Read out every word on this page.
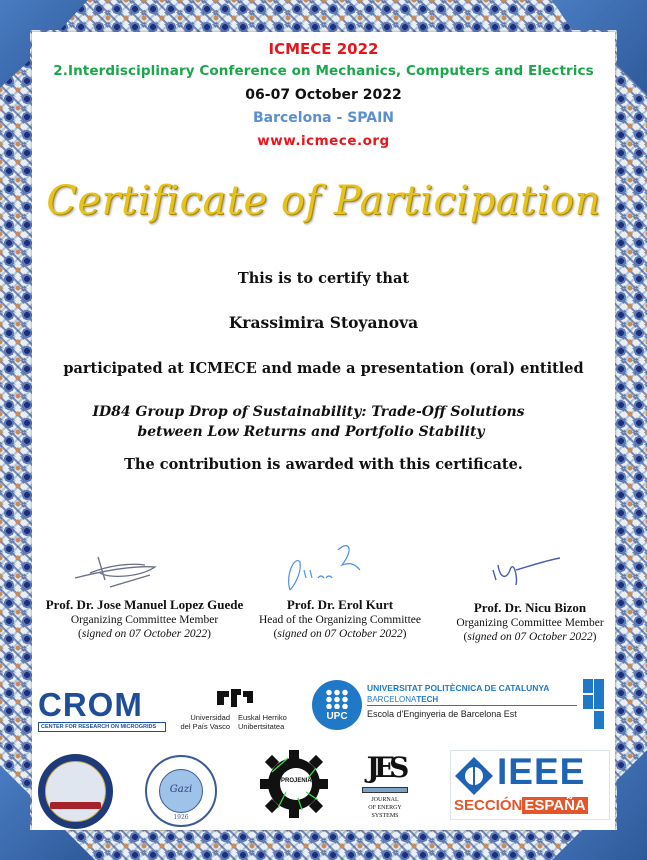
ICMECE 2022
2.Interdisciplinary Conference on Mechanics, Computers and Electrics
06-07 October 2022
Barcelona - SPAIN
www.icmece.org
Certificate of Participation
This is to certify that
Krassimira Stoyanova
participated at ICMECE and made a presentation (oral) entitled
ID84 Group Drop of Sustainability: Trade-Off Solutions
between Low Returns and Portfolio Stability
The contribution is awarded with this certificate.
Prof. Dr. Jose Manuel Lopez Guede
Organizing Committee Member
(signed on 07 October 2022)
Prof. Dr. Erol Kurt
Head of the Organizing Committee
(signed on 07 October 2022)
Prof. Dr. Nicu Bizon
Organizing Committee Member
(signed on 07 October 2022)
CROM
CENTER FOR RESEARCH ON MICROGRIDS
Universidad
del País Vasco
Euskal Herriko
Unibertsitatea
UPC
UNIVERSITAT POLITÈCNICA DE CATALUNYA
BARCELONATECH
Escola d'Enginyeria de Barcelona Est
Gazi
1926
PROJENIA JES
JOURNAL
OF ENERGY
SYSTEMS
IEEE
SECCIÓN ESPAÑA
